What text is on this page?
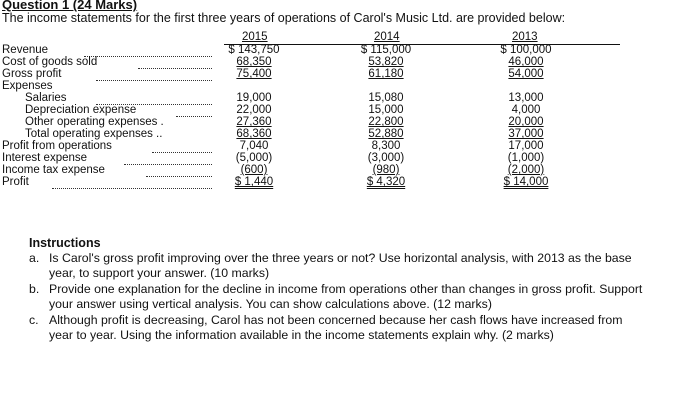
Question 1 (24 Marks)
The income statements for the first three years of operations of Carol's Music Ltd. are provided below:
2015	2014	2013
Revenue
Cost of goods sold
Gross profit
Expenses
Salaries
Depreciation expense
Other operating expenses .
Total operating expenses ..
Profit from operations
Interest expense
Income tax expense
Profit
$ 143,750
68,350
75,400
19,000
22,000
27,360
68,360
7,040
(5,000)
(600)
$ 1,440
$ 115,000
53,820
61,180
15,080
15,000
22,800
52,880
8,300
(3,000)
(980)
$ 4,320
$ 100,000
46,000
54,000
13,000
4,000
20,000
37,000
17,000
(1,000)
(2,000)
$ 14,000
Instructions
a. Is Carol's gross profit improving over the three years or not? Use horizontal analysis, with 2013 as the base year, to support your answer. (10 marks)
b. Provide one explanation for the decline in income from operations other than changes in gross profit. Support your answer using vertical analysis. You can show calculations above. (12 marks)
c. Although profit is decreasing, Carol has not been concerned because her cash flows have increased from year to year. Using the information available in the income statements explain why. (2 marks)
